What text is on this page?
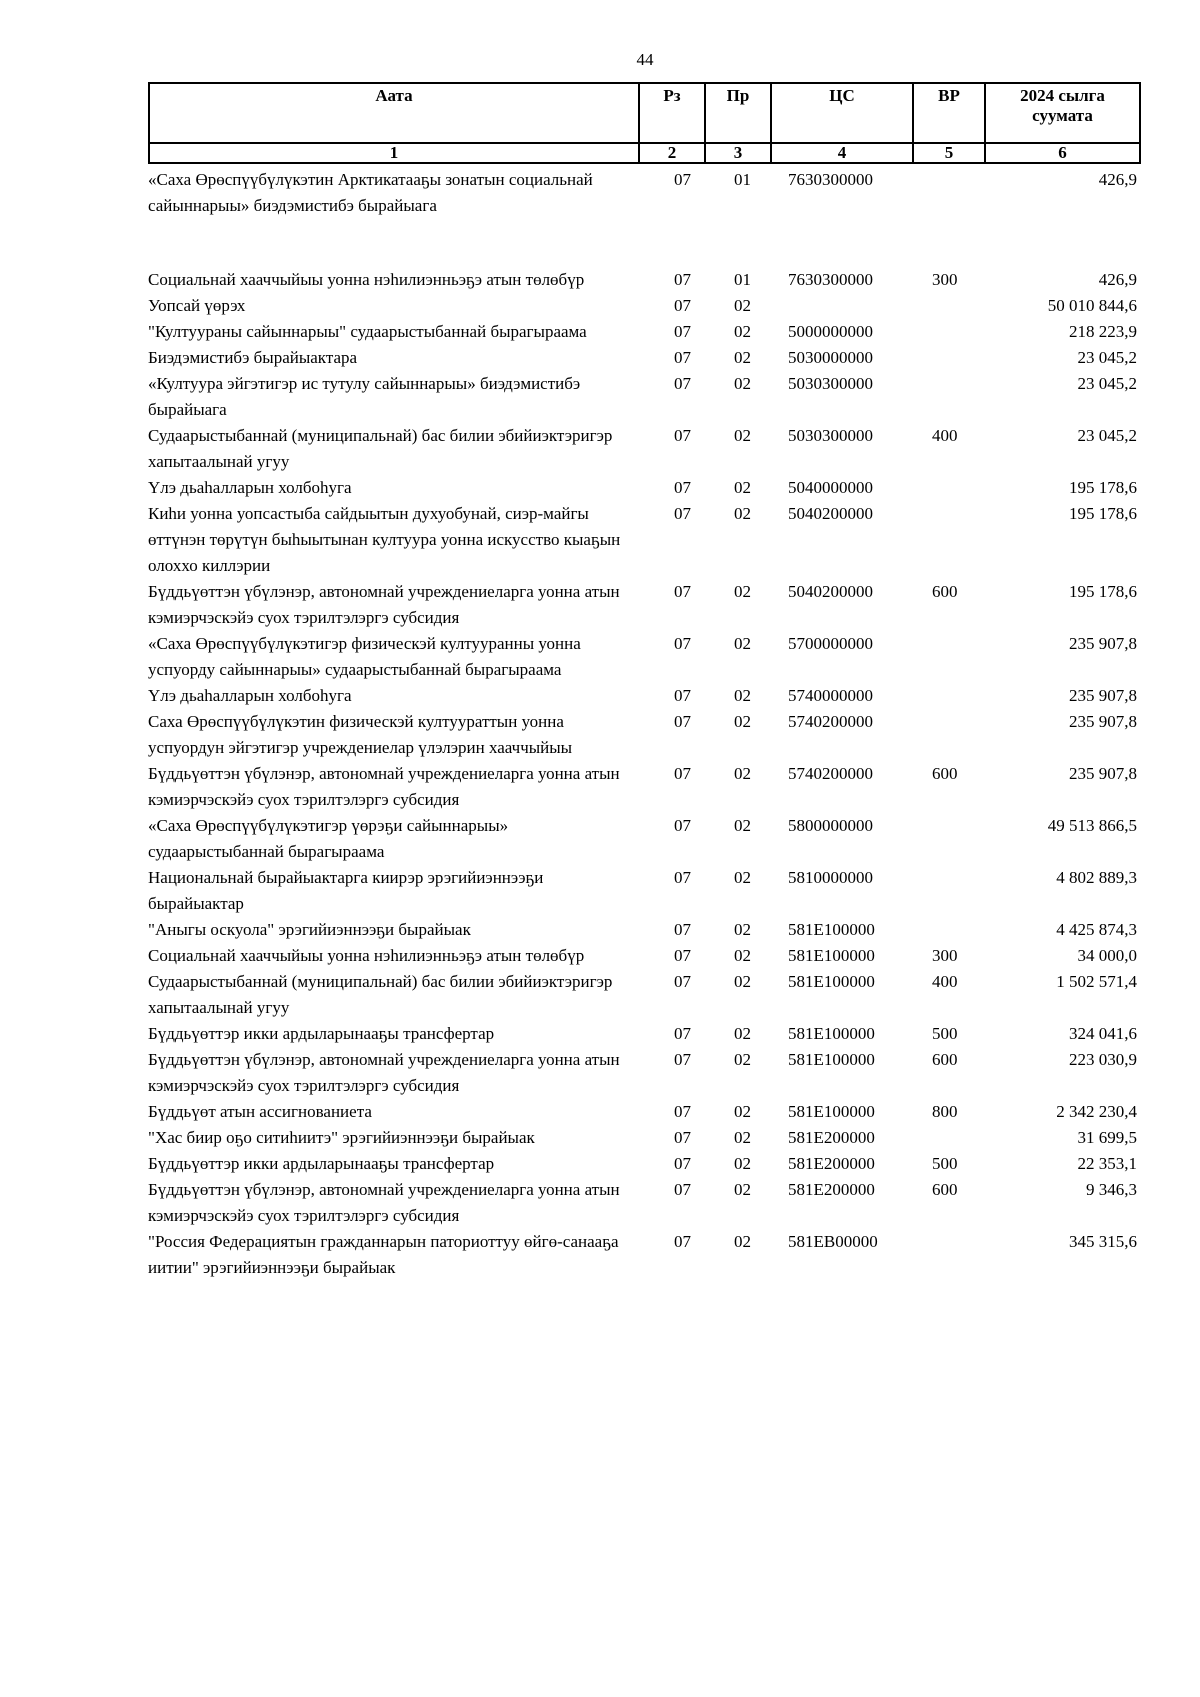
44
Аата	Рз	Пр	ЦС	ВР	2024 сылга
суумата
1	2	3	4	5	6
«Саха Өрөспүүбүлүкэтин Арктикатааҕы зонатын социальнай сайыннарыы» биэдэмистибэ бырайыага	07	01	7630300000		426,9
Социальнай хааччыйыы уонна нэһилиэнньэҕэ атын төлөбүр	07	01	7630300000	300	426,9
Уопсай үөрэх	07	02			50 010 844,6
"Култуураны сайыннарыы" судаарыстыбаннай бырагыраама	07	02	5000000000		218 223,9
Биэдэмистибэ бырайыактара	07	02	5030000000		23 045,2
«Култуура эйгэтигэр ис тутулу сайыннарыы» биэдэмистибэ бырайыага	07	02	5030300000		23 045,2
Судаарыстыбаннай (муниципальнай) бас билии эбийиэктэригэр хапытаалынай угуу	07	02	5030300000	400	23 045,2
Үлэ дьаһалларын холбоһуга	07	02	5040000000		195 178,6
Киһи уонна уопсастыба сайдыытын духуобунай, сиэр-майгы өттүнэн төрүтүн быһыытынан култуура уонна искусство кыаҕын олоххо киллэрии	07	02	5040200000		195 178,6
Бүддьүөттэн үбүлэнэр, автономнай учреждениеларга уонна атын кэмиэрчэскэйэ суох тэрилтэлэргэ субсидия	07	02	5040200000	600	195 178,6
«Саха Өрөспүүбүлүкэтигэр физическэй култууранны уонна успуорду сайыннарыы» судаарыстыбаннай бырагыраама	07	02	5700000000		235 907,8
Үлэ дьаһалларын холбоһуга	07	02	5740000000		235 907,8
Саха Өрөспүүбүлүкэтин физическэй култуураттын уонна успуордун эйгэтигэр учреждениелар үлэлэрин хааччыйыы	07	02	5740200000		235 907,8
Бүддьүөттэн үбүлэнэр, автономнай учреждениеларга уонна атын кэмиэрчэскэйэ суох тэрилтэлэргэ субсидия	07	02	5740200000	600	235 907,8
«Саха Өрөспүүбүлүкэтигэр үөрэҕи сайыннарыы» судаарыстыбаннай бырагыраама	07	02	5800000000		49 513 866,5
Национальнай бырайыактарга киирэр эрэгийиэннээҕи бырайыактар	07	02	5810000000		4 802 889,3
"Аныгы оскуола" эрэгийиэннээҕи бырайыак	07	02	581E100000		4 425 874,3
Социальнай хааччыйыы уонна нэһилиэнньэҕэ атын төлөбүр	07	02	581E100000	300	34 000,0
Судаарыстыбаннай (муниципальнай) бас билии эбийиэктэригэр хапытаалынай угуу	07	02	581E100000	400	1 502 571,4
Бүддьүөттэр икки ардыларынааҕы трансфертар	07	02	581E100000	500	324 041,6
Бүддьүөттэн үбүлэнэр, автономнай учреждениеларга уонна атын кэмиэрчэскэйэ суох тэрилтэлэргэ субсидия	07	02	581E100000	600	223 030,9
Бүддьүөт атын ассигнованиета	07	02	581E100000	800	2 342 230,4
"Хас биир оҕо ситиһиитэ" эрэгийиэннээҕи бырайыак	07	02	581E200000		31 699,5
Бүддьүөттэр икки ардыларынааҕы трансфертар	07	02	581E200000	500	22 353,1
Бүддьүөттэн үбүлэнэр, автономнай учреждениеларга уонна атын кэмиэрчэскэйэ суох тэрилтэлэргэ субсидия	07	02	581E200000	600	9 346,3
"Россия Федерациятын гражданнарын паториоттуу өйгө-санааҕа иитии" эрэгийиэннээҕи бырайыак	07	02	581EB00000		345 315,6
